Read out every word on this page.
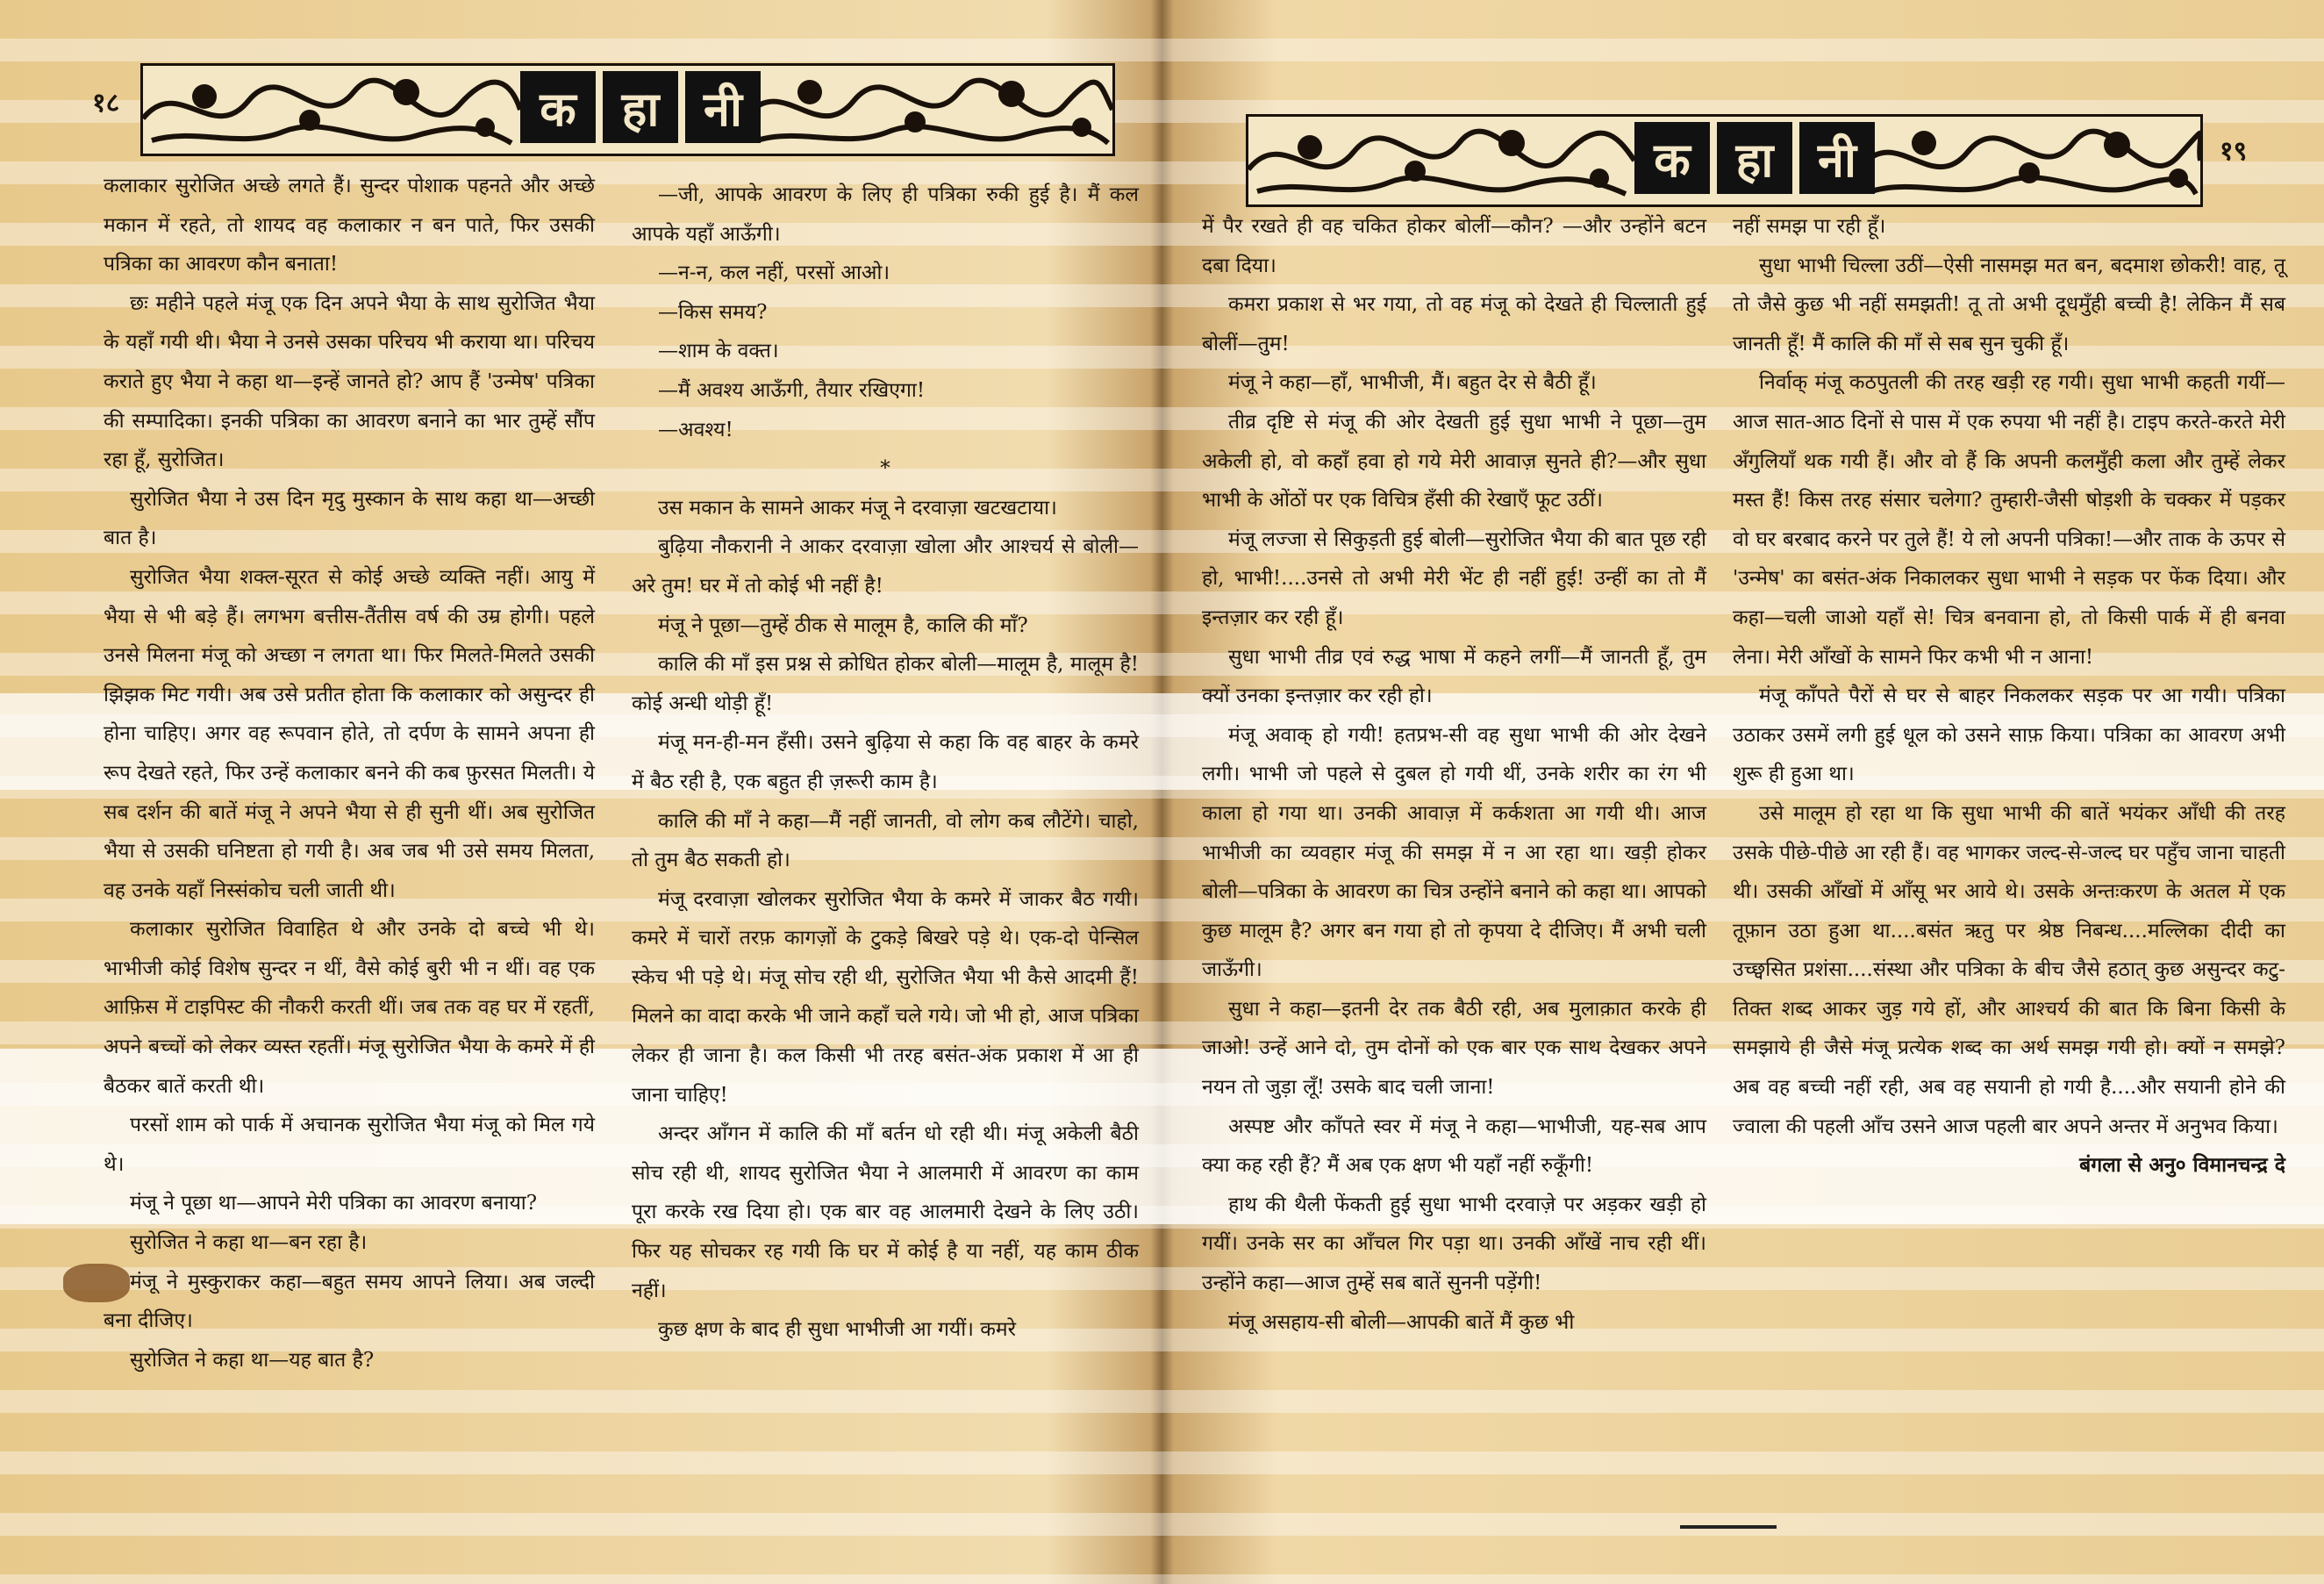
१८	क हा नी

कलाकार सुरोजित अच्छे लगते हैं। सुन्दर पोशाक पहनते और अच्छे मकान में रहते, तो शायद वह कलाकार न बन पाते, फिर उसकी पत्रिका का आवरण कौन बनाता!

छः महीने पहले मंजू एक दिन अपने भैया के साथ सुरोजित भैया के यहाँ गयी थी। भैया ने उनसे उसका परिचय भी कराया था। परिचय कराते हुए भैया ने कहा था—इन्हें जानते हो? आप हैं 'उन्मेष' पत्रिका की सम्पादिका। इनकी पत्रिका का आवरण बनाने का भार तुम्हें सौंप रहा हूँ, सुरोजित।

सुरोजित भैया ने उस दिन मृदु मुस्कान के साथ कहा था—अच्छी बात है।

सुरोजित भैया शक्ल-सूरत से कोई अच्छे व्यक्ति नहीं। आयु में भैया से भी बड़े हैं। लगभग बत्तीस-तैंतीस वर्ष की उम्र होगी। पहले उनसे मिलना मंजू को अच्छा न लगता था। फिर मिलते-मिलते उसकी झिझक मिट गयी। अब उसे प्रतीत होता कि कलाकार को असुन्दर ही होना चाहिए। अगर वह रूपवान होते, तो दर्पण के सामने अपना ही रूप देखते रहते, फिर उन्हें कलाकार बनने की कब फ़ुरसत मिलती। ये सब दर्शन की बातें मंजू ने अपने भैया से ही सुनी थीं। अब सुरोजित भैया से उसकी घनिष्टता हो गयी है। अब जब भी उसे समय मिलता, वह उनके यहाँ निस्संकोच चली जाती थी।

कलाकार सुरोजित विवाहित थे और उनके दो बच्चे भी थे। भाभीजी कोई विशेष सुन्दर न थीं, वैसे कोई बुरी भी न थीं। वह एक आफ़िस में टाइपिस्ट की नौकरी करती थीं। जब तक वह घर में रहतीं, अपने बच्चों को लेकर व्यस्त रहतीं। मंजू सुरोजित भैया के कमरे में ही बैठकर बातें करती थी।

परसों शाम को पार्क में अचानक सुरोजित भैया मंजू को मिल गये थे।

मंजू ने पूछा था—आपने मेरी पत्रिका का आवरण बनाया?

सुरोजित ने कहा था—बन रहा है।

मंजू ने मुस्कुराकर कहा—बहुत समय आपने लिया। अब जल्दी बना दीजिए।

सुरोजित ने कहा था—यह बात है?

—जी, आपके आवरण के लिए ही पत्रिका रुकी हुई है। मैं कल आपके यहाँ आऊँगी।

—न-न, कल नहीं, परसों आओ।

—किस समय?

—शाम के वक्त।

—मैं अवश्य आऊँगी, तैयार रखिएगा!

—अवश्य!

*

उस मकान के सामने आकर मंजू ने दरवाज़ा खटखटाया।

बुढ़िया नौकरानी ने आकर दरवाज़ा खोला और आश्चर्य से बोली—अरे तुम! घर में तो कोई भी नहीं है!

मंजू ने पूछा—तुम्हें ठीक से मालूम है, कालि की माँ?

कालि की माँ इस प्रश्न से क्रोधित होकर बोली—मालूम है, मालूम है! कोई अन्धी थोड़ी हूँ!

मंजू मन-ही-मन हँसी। उसने बुढ़िया से कहा कि वह बाहर के कमरे में बैठ रही है, एक बहुत ही ज़रूरी काम है।

कालि की माँ ने कहा—मैं नहीं जानती, वो लोग कब लौटेंगे। चाहो, तो तुम बैठ सकती हो।

मंजू दरवाज़ा खोलकर सुरोजित भैया के कमरे में जाकर बैठ गयी। कमरे में चारों तरफ़ कागज़ों के टुकड़े बिखरे पड़े थे। एक-दो पेन्सिल स्केच भी पड़े थे। मंजू सोच रही थी, सुरोजित भैया भी कैसे आदमी हैं! मिलने का वादा करके भी जाने कहाँ चले गये। जो भी हो, आज पत्रिका लेकर ही जाना है। कल किसी भी तरह बसंत-अंक प्रकाश में आ ही जाना चाहिए!

अन्दर आँगन में कालि की माँ बर्तन धो रही थी। मंजू अकेली बैठी सोच रही थी, शायद सुरोजित भैया ने आलमारी में आवरण का काम पूरा करके रख दिया हो। एक बार वह आलमारी देखने के लिए उठी। फिर यह सोचकर रह गयी कि घर में कोई है या नहीं, यह काम ठीक नहीं।

कुछ क्षण के बाद ही सुधा भाभीजी आ गयीं। कमरे

१९
क हा नी

में पैर रखते ही वह चकित होकर बोलीं—कौन? —और उन्होंने बटन दबा दिया।

कमरा प्रकाश से भर गया, तो वह मंजू को देखते ही चिल्लाती हुई बोलीं—तुम!

मंजू ने कहा—हाँ, भाभीजी, मैं। बहुत देर से बैठी हूँ।

तीव्र दृष्टि से मंजू की ओर देखती हुई सुधा भाभी ने पूछा—तुम अकेली हो, वो कहाँ हवा हो गये मेरी आवाज़ सुनते ही?—और सुधा भाभी के ओंठों पर एक विचित्र हँसी की रेखाएँ फूट उठीं।

मंजू लज्जा से सिकुड़ती हुई बोली—सुरोजित भैया की बात पूछ रही हो, भाभी!....उनसे तो अभी मेरी भेंट ही नहीं हुई! उन्हीं का तो मैं इन्तज़ार कर रही हूँ।

सुधा भाभी तीव्र एवं रुद्ध भाषा में कहने लगीं—मैं जानती हूँ, तुम क्यों उनका इन्तज़ार कर रही हो।

मंजू अवाक् हो गयी! हतप्रभ-सी वह सुधा भाभी की ओर देखने लगी। भाभी जो पहले से दुबल हो गयी थीं, उनके शरीर का रंग भी काला हो गया था। उनकी आवाज़ में कर्कशता आ गयी थी। आज भाभीजी का व्यवहार मंजू की समझ में न आ रहा था। खड़ी होकर बोली—पत्रिका के आवरण का चित्र उन्होंने बनाने को कहा था। आपको कुछ मालूम है? अगर बन गया हो तो कृपया दे दीजिए। मैं अभी चली जाऊँगी।

सुधा ने कहा—इतनी देर तक बैठी रही, अब मुलाक़ात करके ही जाओ! उन्हें आने दो, तुम दोनों को एक बार एक साथ देखकर अपने नयन तो जुड़ा लूँ! उसके बाद चली जाना!

अस्पष्ट और काँपते स्वर में मंजू ने कहा—भाभीजी, यह-सब आप क्या कह रही हैं? मैं अब एक क्षण भी यहाँ नहीं रुकूँगी!

हाथ की थैली फेंकती हुई सुधा भाभी दरवाज़े पर अड़कर खड़ी हो गयीं। उनके सर का आँचल गिर पड़ा था। उनकी आँखें नाच रही थीं। उन्होंने कहा—आज तुम्हें सब बातें सुननी पड़ेंगी!

मंजू असहाय-सी बोली—आपकी बातें मैं कुछ भी

नहीं समझ पा रही हूँ।

सुधा भाभी चिल्ला उठीं—ऐसी नासमझ मत बन, बदमाश छोकरी! वाह, तू तो जैसे कुछ भी नहीं समझती! तू तो अभी दूधमुँही बच्ची है! लेकिन मैं सब जानती हूँ! मैं कालि की माँ से सब सुन चुकी हूँ।

निर्वाक् मंजू कठपुतली की तरह खड़ी रह गयी। सुधा भाभी कहती गयीं—आज सात-आठ दिनों से पास में एक रुपया भी नहीं है। टाइप करते-करते मेरी अँगुलियाँ थक गयी हैं। और वो हैं कि अपनी कलमुँही कला और तुम्हें लेकर मस्त हैं! किस तरह संसार चलेगा? तुम्हारी-जैसी षोड़शी के चक्कर में पड़कर वो घर बरबाद करने पर तुले हैं! ये लो अपनी पत्रिका!—और ताक के ऊपर से 'उन्मेष' का बसंत-अंक निकालकर सुधा भाभी ने सड़क पर फेंक दिया। और कहा—चली जाओ यहाँ से! चित्र बनवाना हो, तो किसी पार्क में ही बनवा लेना। मेरी आँखों के सामने फिर कभी भी न आना!

मंजू काँपते पैरों से घर से बाहर निकलकर सड़क पर आ गयी। पत्रिका उठाकर उसमें लगी हुई धूल को उसने साफ़ किया। पत्रिका का आवरण अभी शुरू ही हुआ था।

उसे मालूम हो रहा था कि सुधा भाभी की बातें भयंकर आँधी की तरह उसके पीछे-पीछे आ रही हैं। वह भागकर जल्द-से-जल्द घर पहुँच जाना चाहती थी। उसकी आँखों में आँसू भर आये थे। उसके अन्तःकरण के अतल में एक तूफ़ान उठा हुआ था....बसंत ऋतु पर श्रेष्ठ निबन्ध....मल्लिका दीदी का उच्छ्वसित प्रशंसा....संस्था और पत्रिका के बीच जैसे हठात् कुछ असुन्दर कटु-तिक्त शब्द आकर जुड़ गये हों, और आश्चर्य की बात कि बिना किसी के समझाये ही जैसे मंजू प्रत्येक शब्द का अर्थ समझ गयी हो। क्यों न समझे? अब वह बच्ची नहीं रही, अब वह सयानी हो गयी है....और सयानी होने की ज्वाला की पहली आँच उसने आज पहली बार अपने अन्तर में अनुभव किया।

बंगला से अनु० विमानचन्द्र दे
